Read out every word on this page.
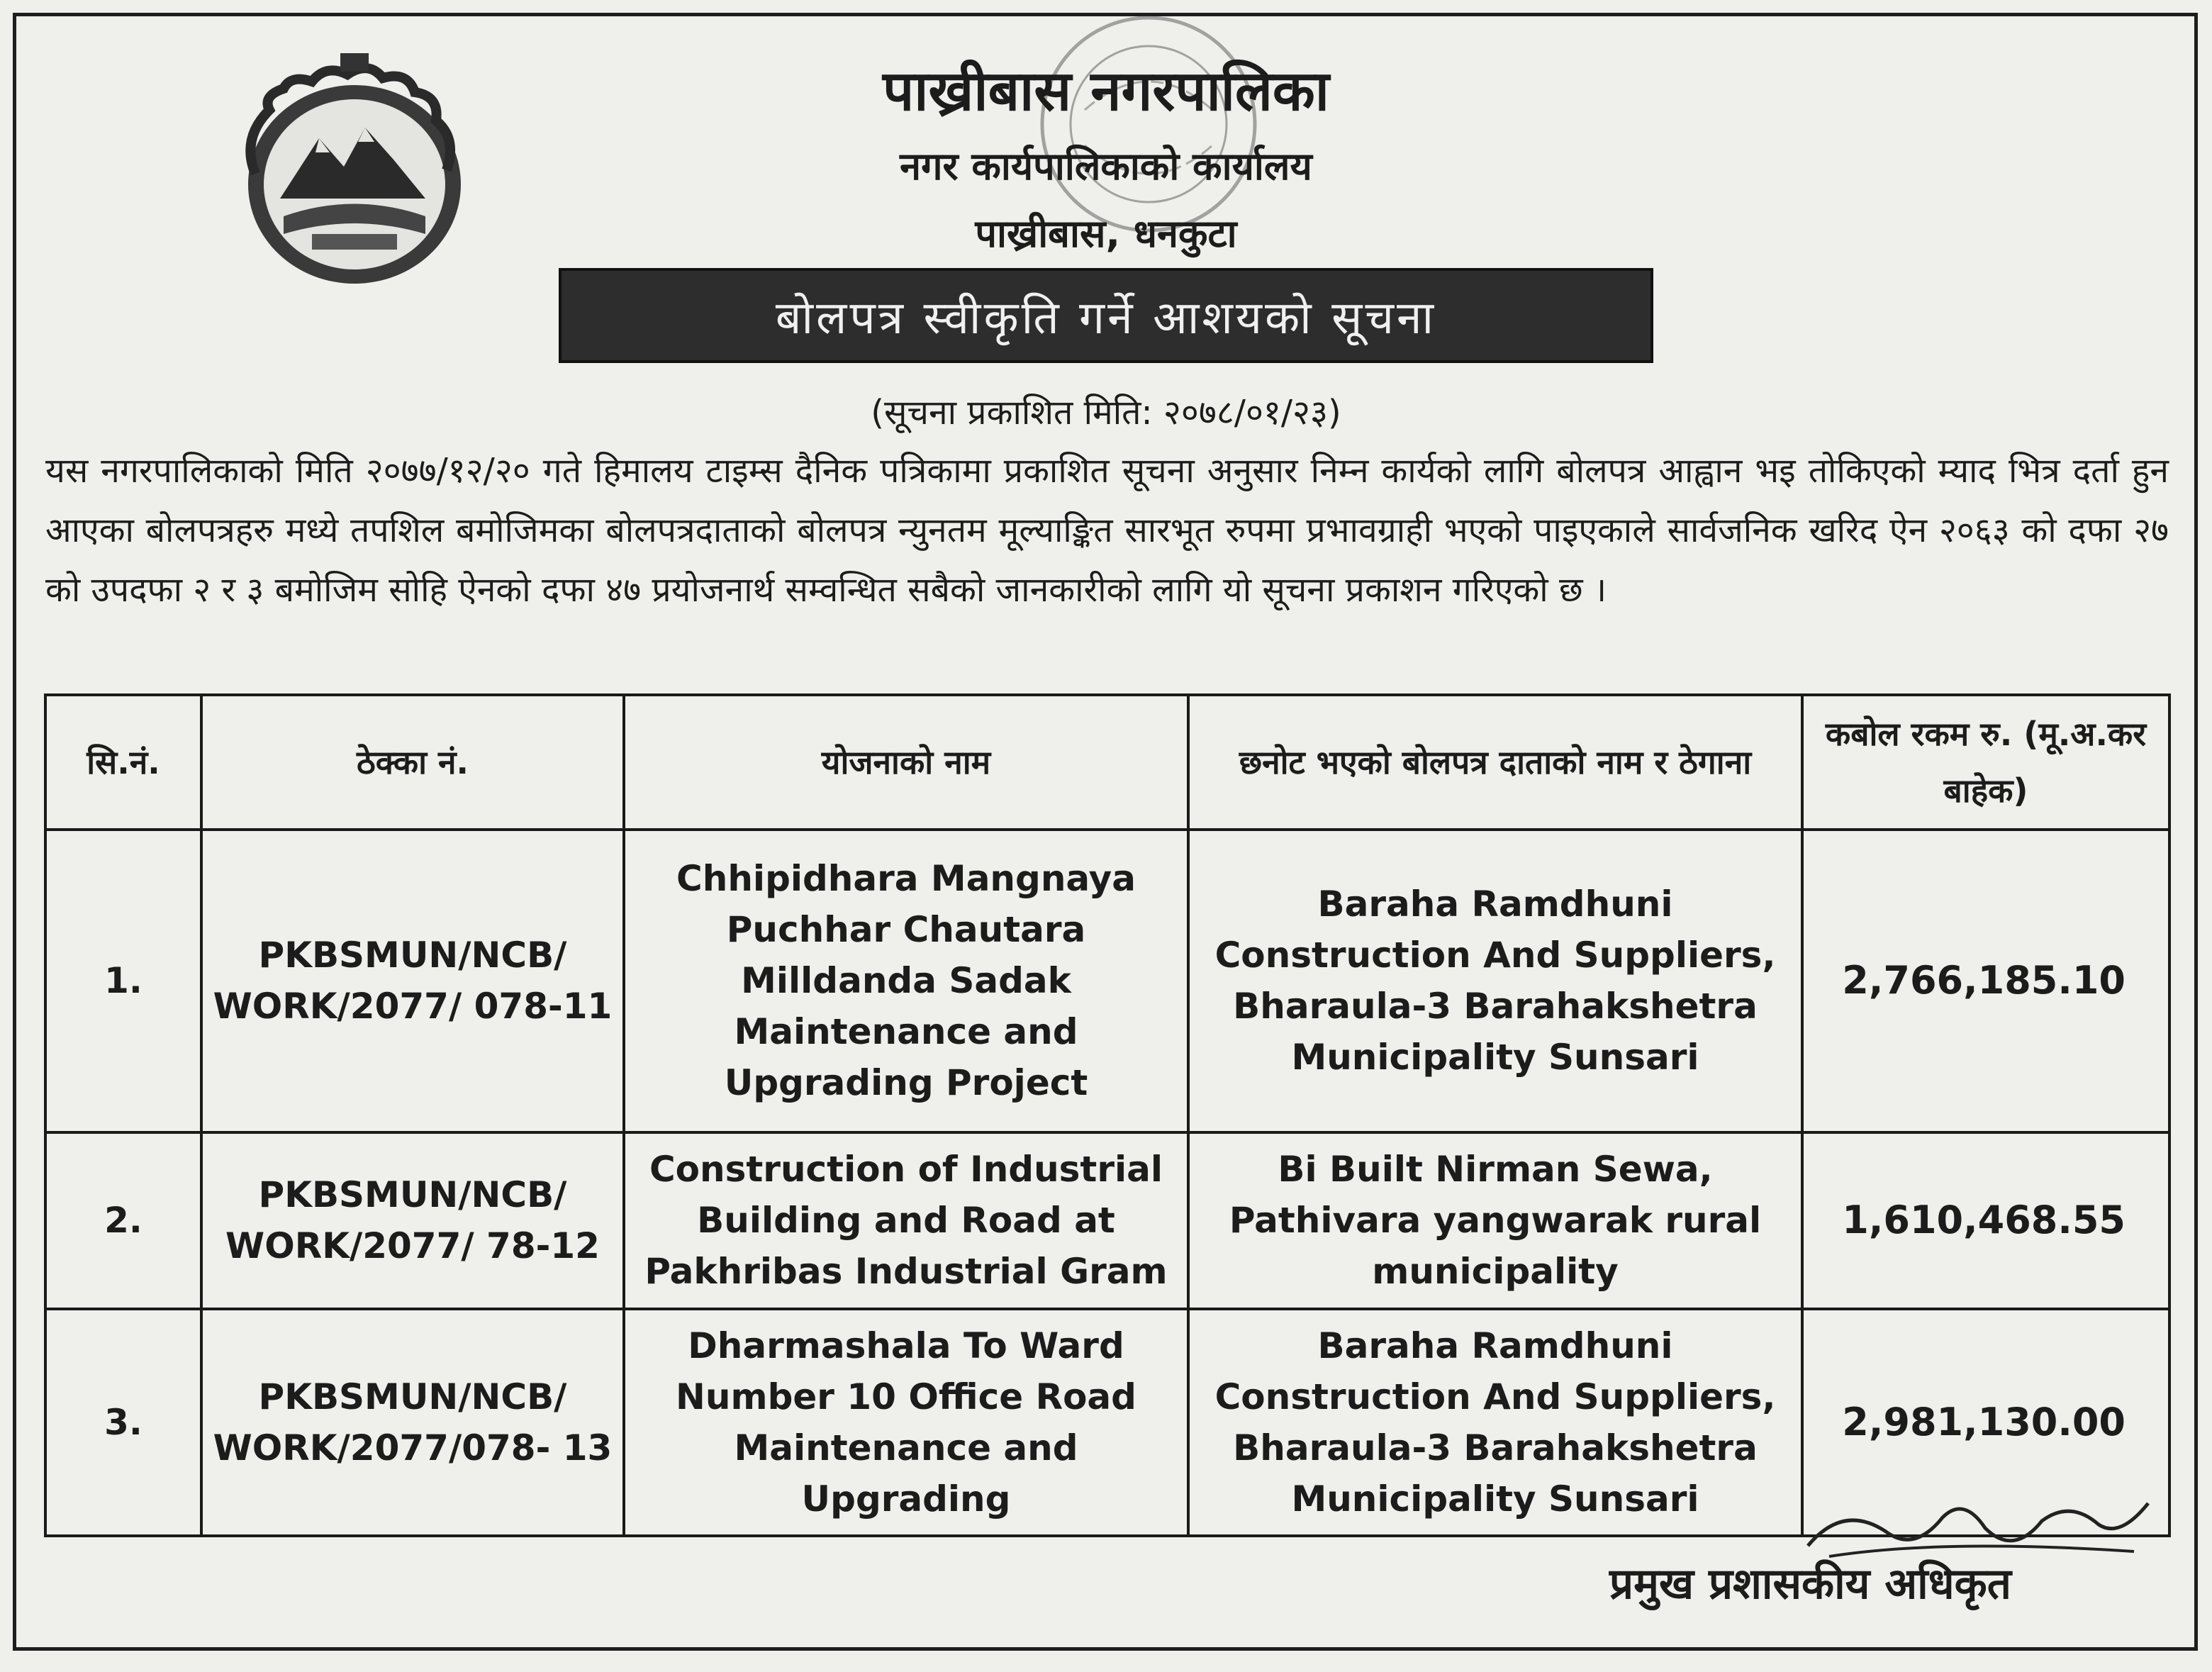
पाख्रीबास नगरपालिका
नगर कार्यपालिकाको कार्यालय
पाख्रीबास, धनकुटा
बोलपत्र स्वीकृति गर्ने आशयको सूचना
(सूचना प्रकाशित मिति: २०७८/०१/२३)
यस नगरपालिकाको मिति २०७७/१२/२० गते हिमालय टाइम्स दैनिक पत्रिकामा प्रकाशित सूचना अनुसार निम्न कार्यको लागि बोलपत्र आह्वान भइ तोकिएको म्याद भित्र दर्ता हुन आएका बोलपत्रहरु मध्ये तपशिल बमोजिमका बोलपत्रदाताको बोलपत्र न्युनतम मूल्याङ्कित सारभूत रुपमा प्रभावग्राही भएको पाइएकाले सार्वजनिक खरिद ऐन २०६३ को दफा २७ को उपदफा २ र ३ बमोजिम सोहि ऐनको दफा ४७ प्रयोजनार्थ सम्वन्धित सबैको जानकारीको लागि यो सूचना प्रकाशन गरिएको छ ।
सि.नं.	ठेक्का नं.	योजनाको नाम	छनोट भएको बोलपत्र दाताको नाम र ठेगाना	कबोल रकम रु. (मू.अ.कर बाहेक)
1.	PKBSMUN/NCB/ WORK/2077/ 078-11	Chhipidhara Mangnaya Puchhar Chautara Milldanda Sadak Maintenance and Upgrading Project	Baraha Ramdhuni Construction And Suppliers, Bharaula-3 Barahakshetra Municipality Sunsari	2,766,185.10
2.	PKBSMUN/NCB/ WORK/2077/ 78-12	Construction of Industrial Building and Road at Pakhribas Industrial Gram	Bi Built Nirman Sewa, Pathivara yangwarak rural municipality	1,610,468.55
3.	PKBSMUN/NCB/ WORK/2077/078- 13	Dharmashala To Ward Number 10 Office Road Maintenance and Upgrading	Baraha Ramdhuni Construction And Suppliers, Bharaula-3 Barahakshetra Municipality Sunsari	2,981,130.00
प्रमुख प्रशासकीय अधिकृत
